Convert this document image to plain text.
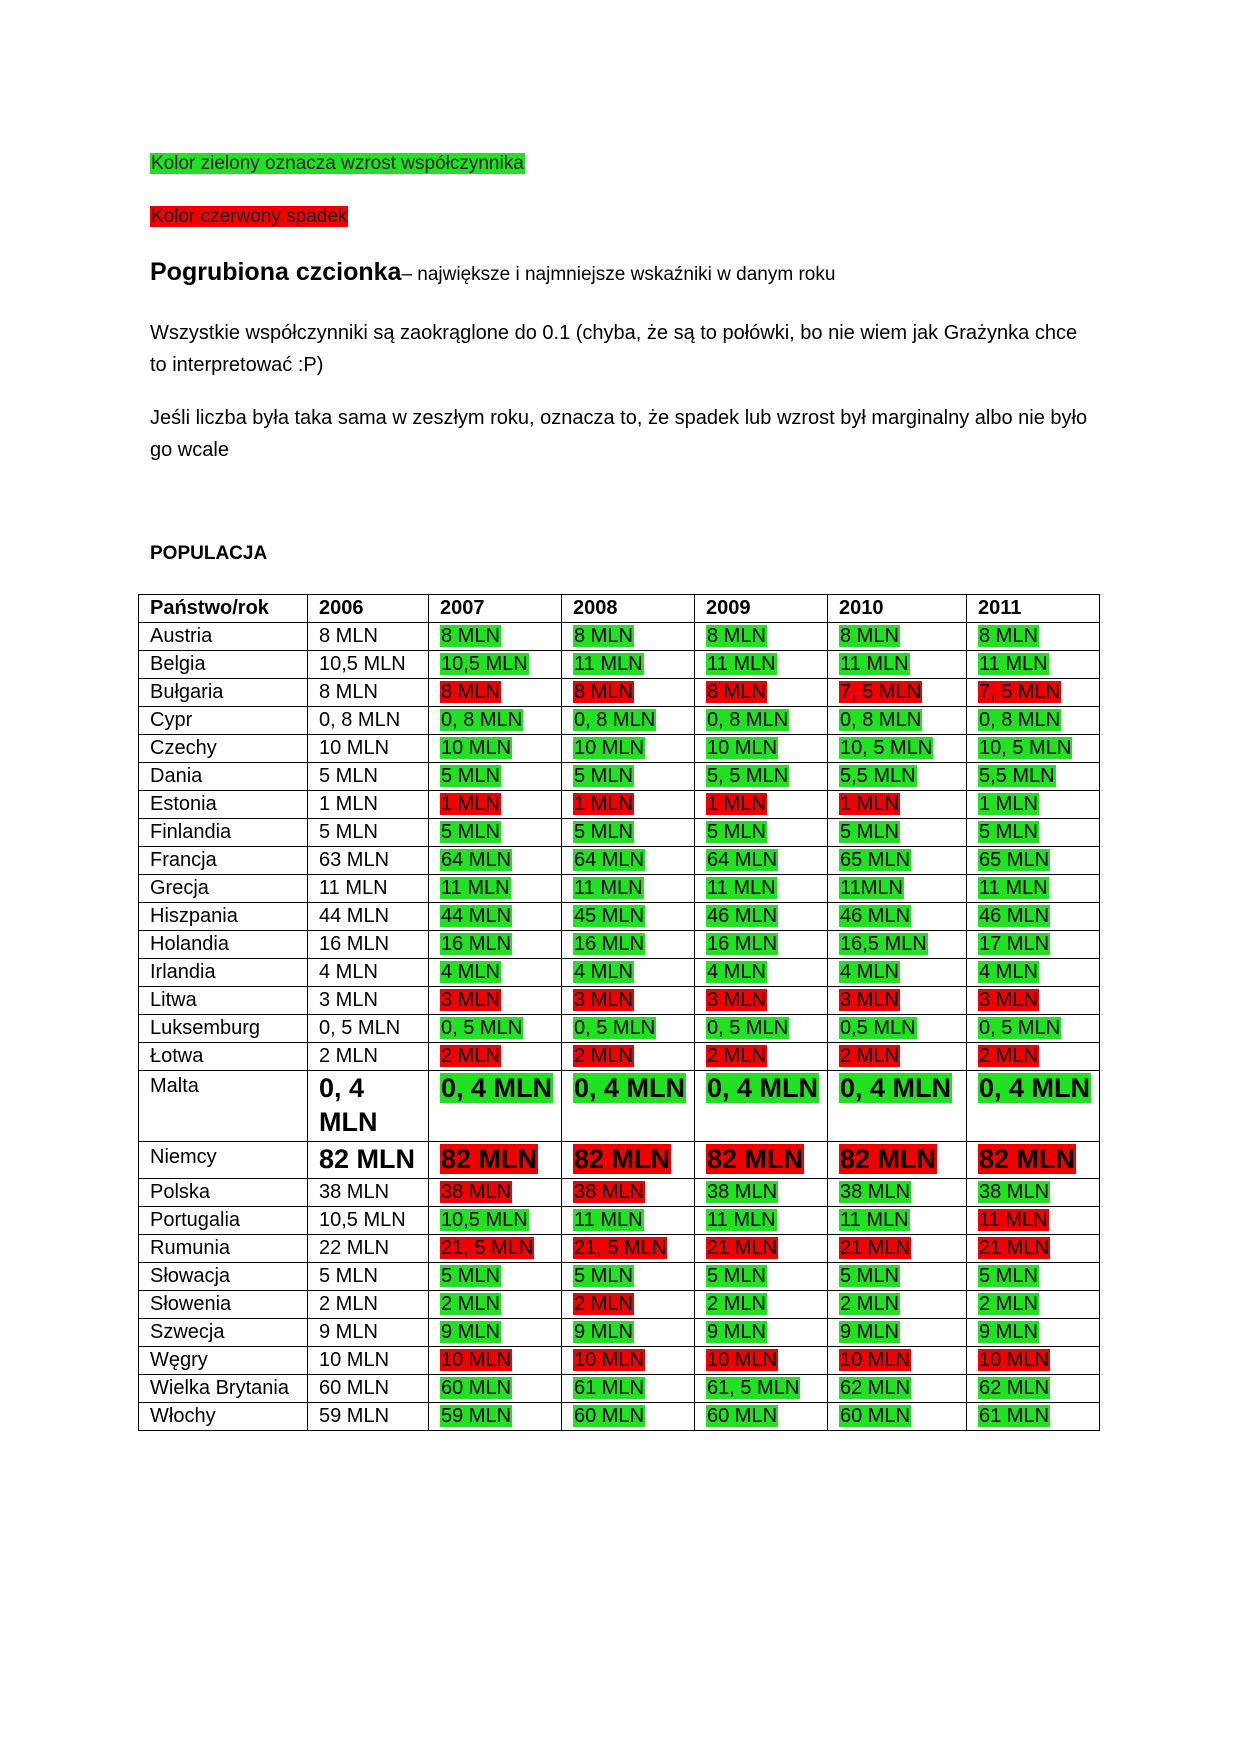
Kolor zielony oznacza wzrost współczynnika
Kolor czerwony spadek
Pogrubiona czcionka– największe i najmniejsze wskaźniki w danym roku
Wszystkie współczynniki są zaokrąglone do 0.1 (chyba, że są to połówki, bo nie wiem jak Grażynka chce to interpretować :P)
Jeśli liczba była taka sama w zeszłym roku, oznacza to, że spadek lub wzrost był marginalny albo nie było go wcale
POPULACJA
Państwo/rok	2006	2007	2008	2009	2010	2011
Austria	8 MLN	8 MLN	8 MLN	8 MLN	8 MLN	8 MLN
Belgia	10,5 MLN	10,5 MLN	11 MLN	11 MLN	11 MLN	11 MLN
Bułgaria	8 MLN	8 MLN	8 MLN	8 MLN	7, 5 MLN	7, 5 MLN
Cypr	0, 8 MLN	0, 8 MLN	0, 8 MLN	0, 8 MLN	0, 8 MLN	0, 8 MLN
Czechy	10 MLN	10 MLN	10 MLN	10 MLN	10, 5 MLN	10, 5 MLN
Dania	5 MLN	5 MLN	5 MLN	5, 5 MLN	5,5 MLN	5,5 MLN
Estonia	1 MLN	1 MLN	1 MLN	1 MLN	1 MLN	1 MLN
Finlandia	5 MLN	5 MLN	5 MLN	5 MLN	5 MLN	5 MLN
Francja	63 MLN	64 MLN	64 MLN	64 MLN	65 MLN	65 MLN
Grecja	11 MLN	11 MLN	11 MLN	11 MLN	11MLN	11 MLN
Hiszpania	44 MLN	44 MLN	45 MLN	46 MLN	46 MLN	46 MLN
Holandia	16 MLN	16 MLN	16 MLN	16 MLN	16,5 MLN	17 MLN
Irlandia	4 MLN	4 MLN	4 MLN	4 MLN	4 MLN	4 MLN
Litwa	3 MLN	3 MLN	3 MLN	3 MLN	3 MLN	3 MLN
Luksemburg	0, 5 MLN	0, 5 MLN	0, 5 MLN	0, 5 MLN	0,5 MLN	0, 5 MLN
Łotwa	2 MLN	2 MLN	2 MLN	2 MLN	2 MLN	2 MLN
Malta	0, 4 MLN	0, 4 MLN	0, 4 MLN	0, 4 MLN	0, 4 MLN	0, 4 MLN
Niemcy	82 MLN	82 MLN	82 MLN	82 MLN	82 MLN	82 MLN
Polska	38 MLN	38 MLN	38 MLN	38 MLN	38 MLN	38 MLN
Portugalia	10,5 MLN	10,5 MLN	11 MLN	11 MLN	11 MLN	11 MLN
Rumunia	22 MLN	21, 5 MLN	21, 5 MLN	21 MLN	21 MLN	21 MLN
Słowacja	5 MLN	5 MLN	5 MLN	5 MLN	5 MLN	5 MLN
Słowenia	2 MLN	2 MLN	2 MLN	2 MLN	2 MLN	2 MLN
Szwecja	9 MLN	9 MLN	9 MLN	9 MLN	9 MLN	9 MLN
Węgry	10 MLN	10 MLN	10 MLN	10 MLN	10 MLN	10 MLN
Wielka Brytania	60 MLN	60 MLN	61 MLN	61, 5 MLN	62 MLN	62 MLN
Włochy	59 MLN	59 MLN	60 MLN	60 MLN	60 MLN	61 MLN
